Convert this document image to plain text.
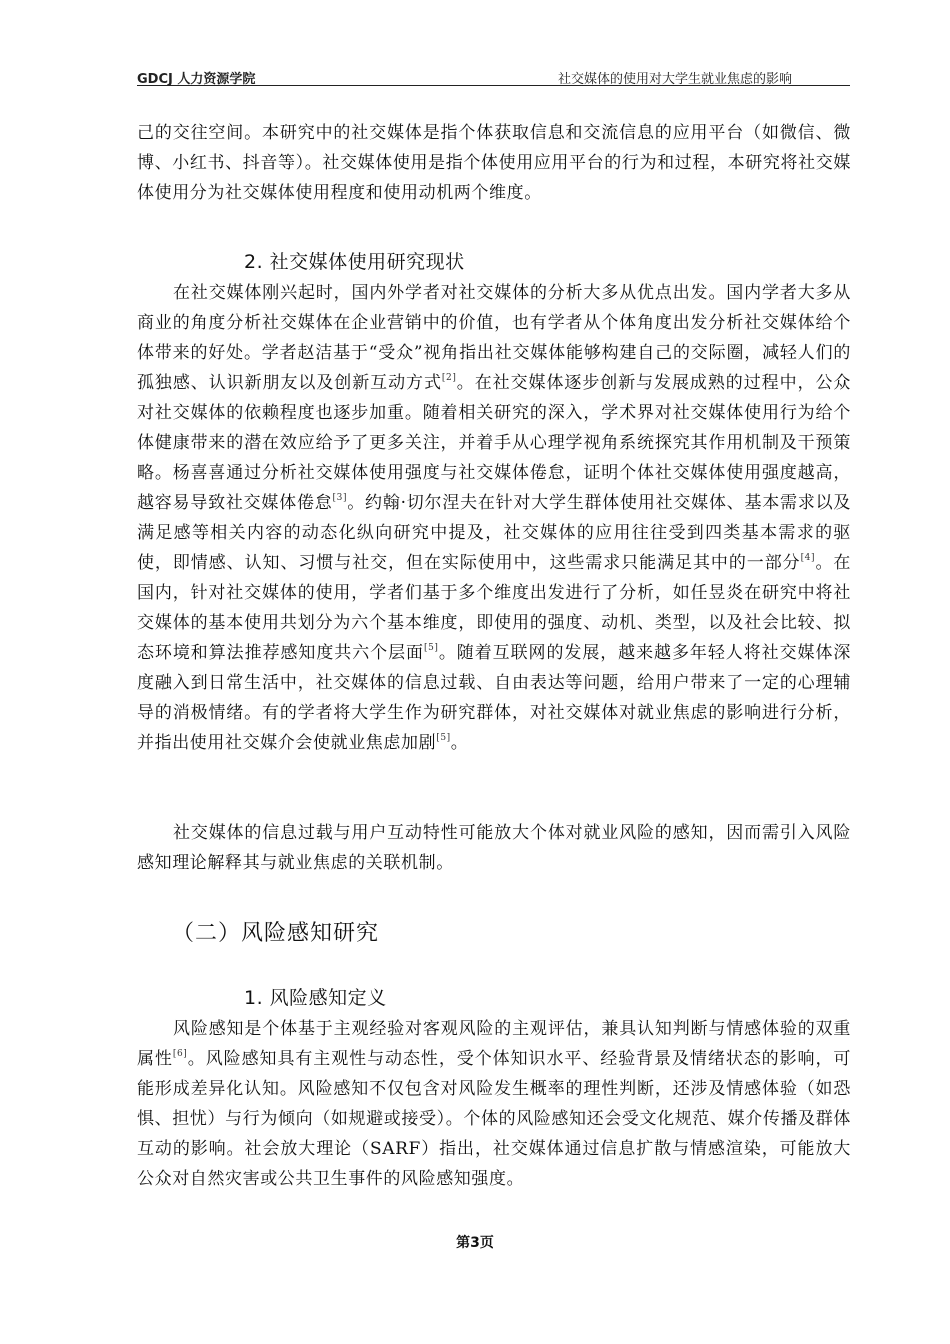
GDCJ 人力资源学院	社交媒体的使用对大学生就业焦虑的影响

己的交往空间。本研究中的社交媒体是指个体获取信息和交流信息的应用平台（如微信、微博、小红书、抖音等）。社交媒体使用是指个体使用应用平台的行为和过程，本研究将社交媒体使用分为社交媒体使用程度和使用动机两个维度。

2. 社交媒体使用研究现状

在社交媒体刚兴起时，国内外学者对社交媒体的分析大多从优点出发。国内学者大多从商业的角度分析社交媒体在企业营销中的价值，也有学者从个体角度出发分析社交媒体给个体带来的好处。学者赵洁基于“受众”视角指出社交媒体能够构建自己的交际圈，减轻人们的孤独感、认识新朋友以及创新互动方式[2]。在社交媒体逐步创新与发展成熟的过程中，公众对社交媒体的依赖程度也逐步加重。随着相关研究的深入，学术界对社交媒体使用行为给个体健康带来的潜在效应给予了更多关注，并着手从心理学视角系统探究其作用机制及干预策略。杨喜喜通过分析社交媒体使用强度与社交媒体倦怠，证明个体社交媒体使用强度越高，越容易导致社交媒体倦怠[3]。约翰·切尔涅夫在针对大学生群体使用社交媒体、基本需求以及满足感等相关内容的动态化纵向研究中提及，社交媒体的应用往往受到四类基本需求的驱使，即情感、认知、习惯与社交，但在实际使用中，这些需求只能满足其中的一部分[4]。在国内，针对社交媒体的使用，学者们基于多个维度出发进行了分析，如任昱炎在研究中将社交媒体的基本使用共划分为六个基本维度，即使用的强度、动机、类型，以及社会比较、拟态环境和算法推荐感知度共六个层面[5]。随着互联网的发展，越来越多年轻人将社交媒体深度融入到日常生活中，社交媒体的信息过载、自由表达等问题，给用户带来了一定的心理辅导的消极情绪。有的学者将大学生作为研究群体，对社交媒体对就业焦虑的影响进行分析，并指出使用社交媒介会使就业焦虑加剧[5]。

社交媒体的信息过载与用户互动特性可能放大个体对就业风险的感知，因而需引入风险感知理论解释其与就业焦虑的关联机制。

（二）风险感知研究
1. 风险感知定义

风险感知是个体基于主观经验对客观风险的主观评估，兼具认知判断与情感体验的双重属性[6]。风险感知具有主观性与动态性，受个体知识水平、经验背景及情绪状态的影响，可能形成差异化认知。风险感知不仅包含对风险发生概率的理性判断，还涉及情感体验（如恐惧、担忧）与行为倾向（如规避或接受）。个体的风险感知还会受文化规范、媒介传播及群体互动的影响。社会放大理论（SARF）指出，社交媒体通过信息扩散与情感渲染，可能放大公众对自然灾害或公共卫生事件的风险感知强度。

第3页
